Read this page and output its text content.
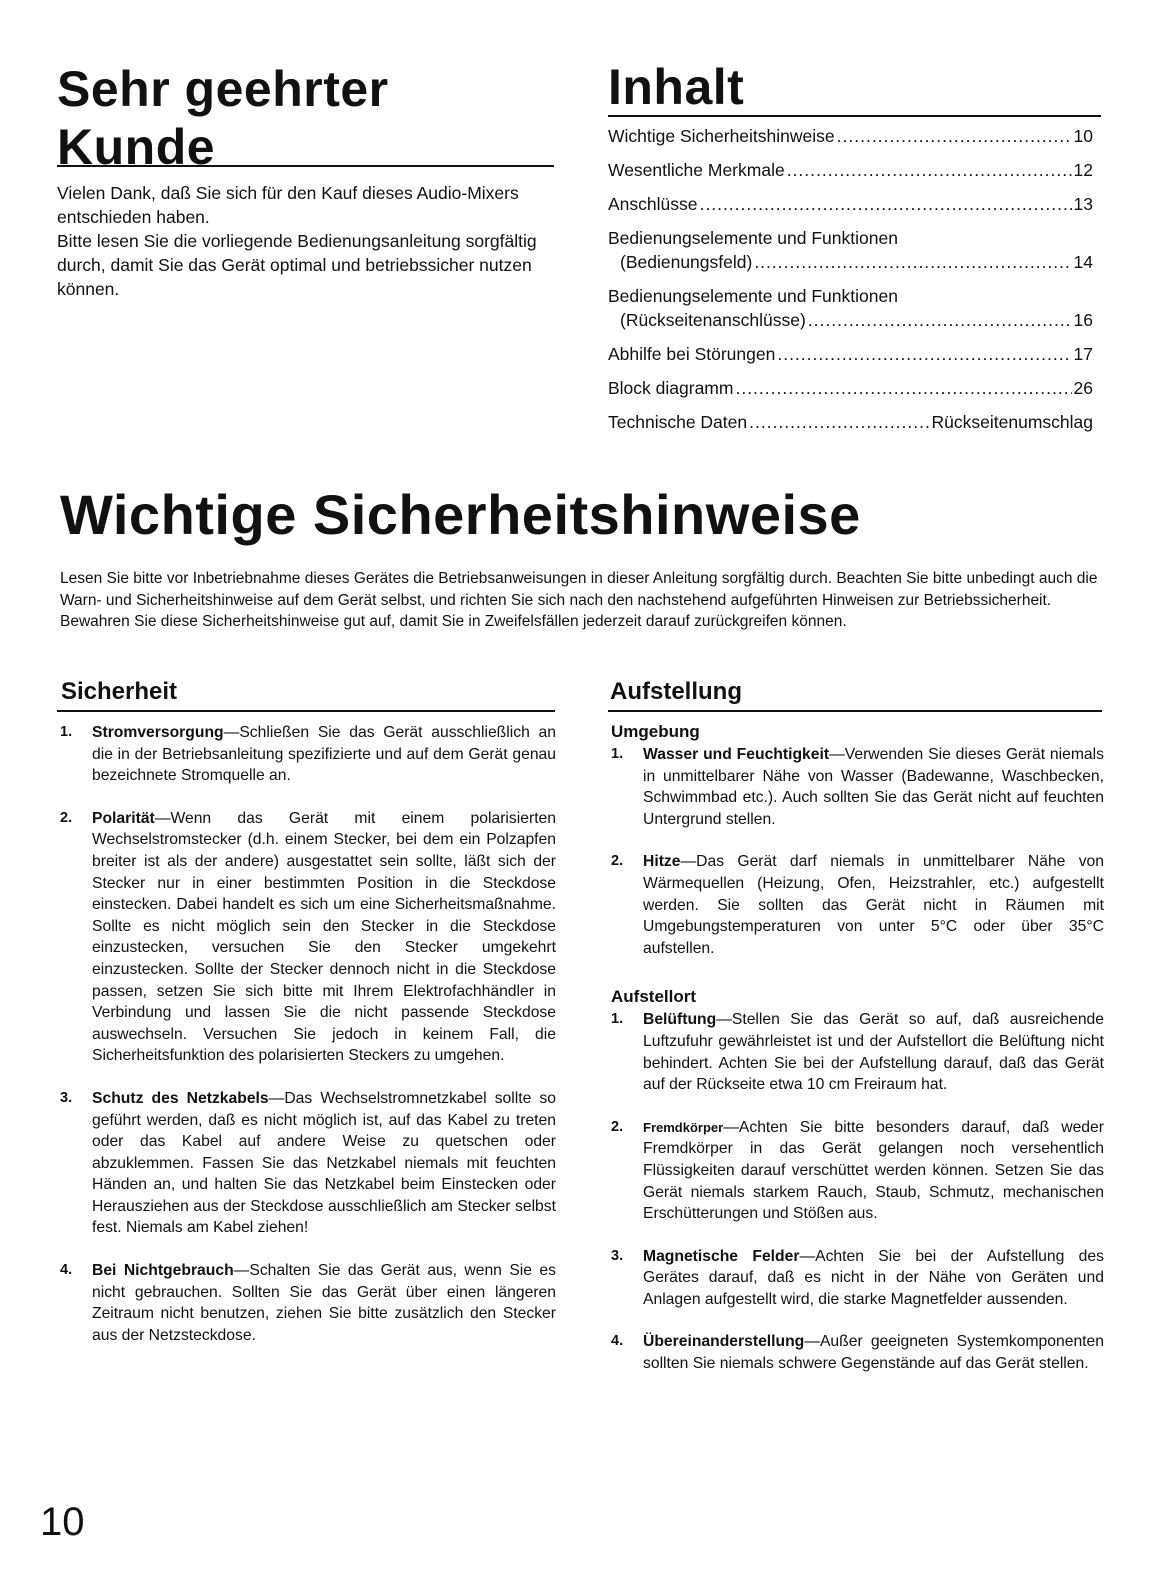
Sehr geehrter Kunde

Vielen Dank, daß Sie sich für den Kauf dieses Audio-Mixers entschieden haben.

Bitte lesen Sie die vorliegende Bedienungsanleitung sorgfältig durch, damit Sie das Gerät optimal und betriebssicher nutzen können.

Inhalt
Wichtige Sicherheitshinweise .....	10
Wesentliche Merkmale .....	12
Anschlüsse .....	13
Bedienungselemente und Funktionen
(Bedienungsfeld) .....	14
Bedienungselemente und Funktionen
(Rückseitenanschlüsse) .....	16
Abhilfe bei Störungen .....	17
Block diagramm .....	26
Technische Daten .....	Rückseitenumschlag
Wichtige Sicherheitshinweise

Lesen Sie bitte vor Inbetriebnahme dieses Gerätes die Betriebsanweisungen in dieser Anleitung sorgfältig durch. Beachten Sie bitte unbedingt auch die Warn- und Sicherheitshinweise auf dem Gerät selbst, und richten Sie sich nach den nachstehend aufgeführten Hinweisen zur Betriebssicherheit.

Bewahren Sie diese Sicherheitshinweise gut auf, damit Sie in Zweifelsfällen jederzeit darauf zurückgreifen können.

Sicherheit
1.	Stromversorgung—Schließen Sie das Gerät ausschließlich an die in der Betriebsanleitung spezifizierte und auf dem Gerät genau bezeichnete Stromquelle an.
2.	Polarität—Wenn das Gerät mit einem polarisierten Wechselstromstecker (d.h. einem Stecker, bei dem ein Polzapfen breiter ist als der andere) ausgestattet sein sollte, läßt sich der Stecker nur in einer bestimmten Position in die Steckdose einstecken. Dabei handelt es sich um eine Sicherheitsmaßnahme. Sollte es nicht möglich sein den Stecker in die Steckdose einzustecken, versuchen Sie den Stecker umgekehrt einzustecken. Sollte der Stecker dennoch nicht in die Steckdose passen, setzen Sie sich bitte mit Ihrem Elektrofachhändler in Verbindung und lassen Sie die nicht passende Steckdose auswechseln. Versuchen Sie jedoch in keinem Fall, die Sicherheitsfunktion des polarisierten Steckers zu umgehen.
3.	Schutz des Netzkabels—Das Wechselstromnetzkabel sollte so geführt werden, daß es nicht möglich ist, auf das Kabel zu treten oder das Kabel auf andere Weise zu quetschen oder abzuklemmen. Fassen Sie das Netzkabel niemals mit feuchten Händen an, und halten Sie das Netzkabel beim Einstecken oder Herausziehen aus der Steckdose ausschließlich am Stecker selbst fest. Niemals am Kabel ziehen!
4.	Bei Nichtgebrauch—Schalten Sie das Gerät aus, wenn Sie es nicht gebrauchen. Sollten Sie das Gerät über einen längeren Zeitraum nicht benutzen, ziehen Sie bitte zusätzlich den Stecker aus der Netzsteckdose.
Aufstellung
Umgebung
1.	Wasser und Feuchtigkeit—Verwenden Sie dieses Gerät niemals in unmittelbarer Nähe von Wasser (Badewanne, Waschbecken, Schwimmbad etc.). Auch sollten Sie das Gerät nicht auf feuchten Untergrund stellen.
2.	Hitze—Das Gerät darf niemals in unmittelbarer Nähe von Wärmequellen (Heizung, Ofen, Heizstrahler, etc.) aufgestellt werden. Sie sollten das Gerät nicht in Räumen mit Umgebungstemperaturen von unter 5°C oder über 35°C aufstellen.
Aufstellort
1.	Belüftung—Stellen Sie das Gerät so auf, daß ausreichende Luftzufuhr gewährleistet ist und der Aufstellort die Belüftung nicht behindert. Achten Sie bei der Aufstellung darauf, daß das Gerät auf der Rückseite etwa 10 cm Freiraum hat.
2.	Fremdkörper—Achten Sie bitte besonders darauf, daß weder Fremdkörper in das Gerät gelangen noch versehentlich Flüssigkeiten darauf verschüttet werden können. Setzen Sie das Gerät niemals starkem Rauch, Staub, Schmutz, mechanischen Erschütterungen und Stößen aus.
3.	Magnetische Felder—Achten Sie bei der Aufstellung des Gerätes darauf, daß es nicht in der Nähe von Geräten und Anlagen aufgestellt wird, die starke Magnetfelder aussenden.
4.	Übereinanderstellung—Außer geeigneten Systemkomponenten sollten Sie niemals schwere Gegenstände auf das Gerät stellen.
10
